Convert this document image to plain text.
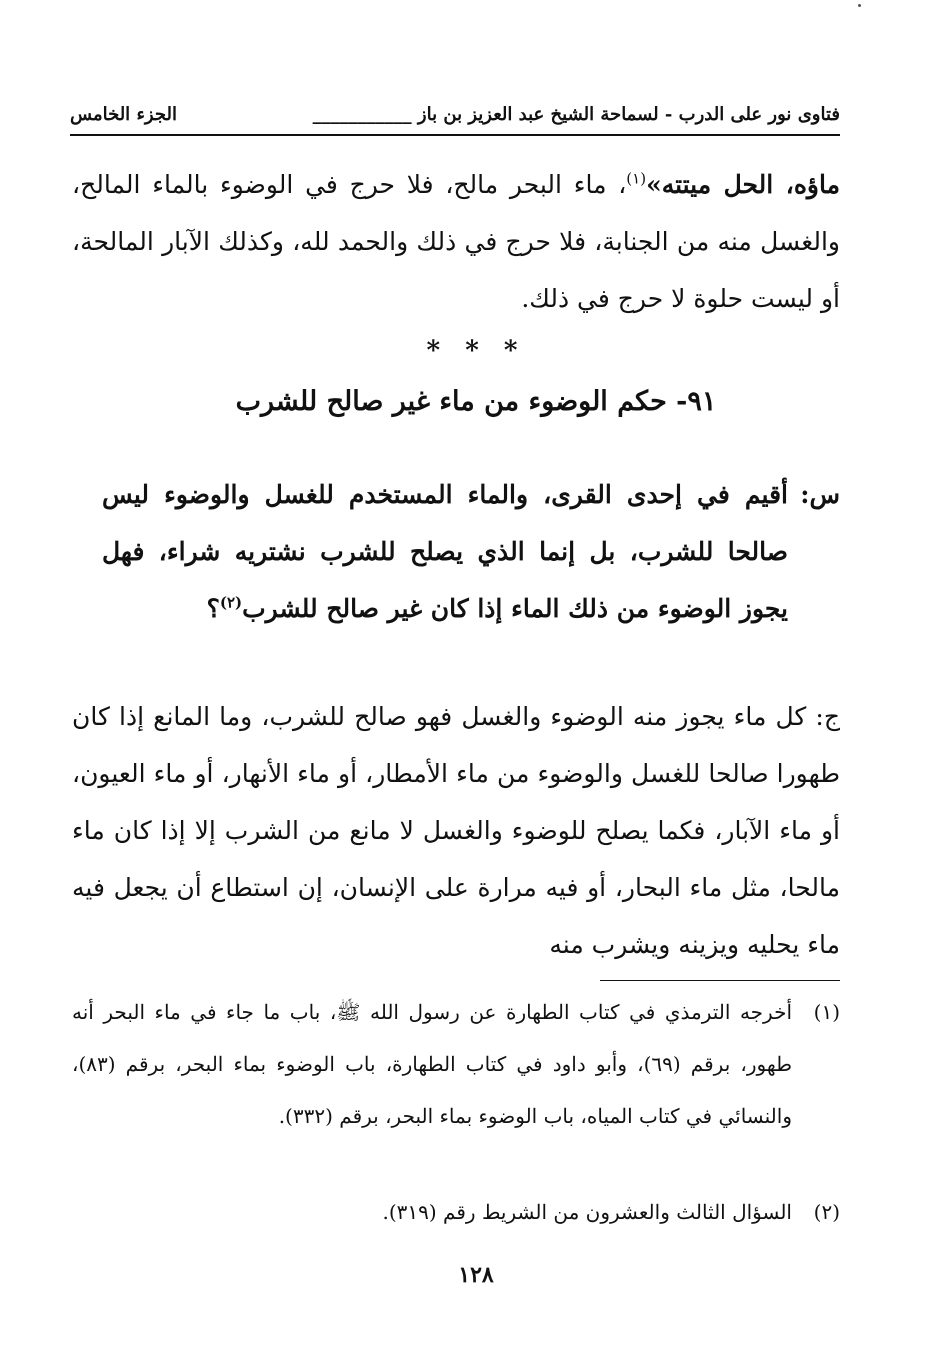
الجزء الخامس	فتاوى نور على الدرب - لسماحة الشيخ عبد العزيز بن باز ___________
ماؤه، الحل ميتته»$^{(١)}$، ماء البحر مالح، فلا حرج في الوضوء بالماء المالح، والغسل منه من الجنابة، فلا حرج في ذلك والحمد لله، وكذلك الآبار المالحة، أو ليست حلوة لا حرج في ذلك.
* * *
٩١- حكم الوضوء من ماء غير صالح للشرب
س:
أقيم في إحدى القرى، والماء المستخدم للغسل والوضوء ليس صالحا للشرب، بل إنما الذي يصلح للشرب نشتريه شراء، فهل يجوز الوضوء من ذلك الماء إذا كان غير صالح للشرب$^{(٢)}$؟
ج: كل ماء يجوز منه الوضوء والغسل فهو صالح للشرب، وما المانع إذا كان طهورا صالحا للغسل والوضوء من ماء الأمطار، أو ماء الأنهار، أو ماء العيون، أو ماء الآبار، فكما يصلح للوضوء والغسل لا مانع من الشرب إلا إذا كان ماء مالحا، مثل ماء البحار، أو فيه مرارة على الإنسان، إن استطاع أن يجعل فيه ماء يحليه ويزينه ويشرب منه
(١)
أخرجه الترمذي في كتاب الطهارة عن رسول الله ﷺ، باب ما جاء في ماء البحر أنه طهور، برقم (٦٩)، وأبو داود في كتاب الطهارة، باب الوضوء بماء البحر، برقم (٨٣)، والنسائي في كتاب المياه، باب الوضوء بماء البحر، برقم (٣٣٢).
(٢)
السؤال الثالث والعشرون من الشريط رقم (٣١٩).
١٢٨
